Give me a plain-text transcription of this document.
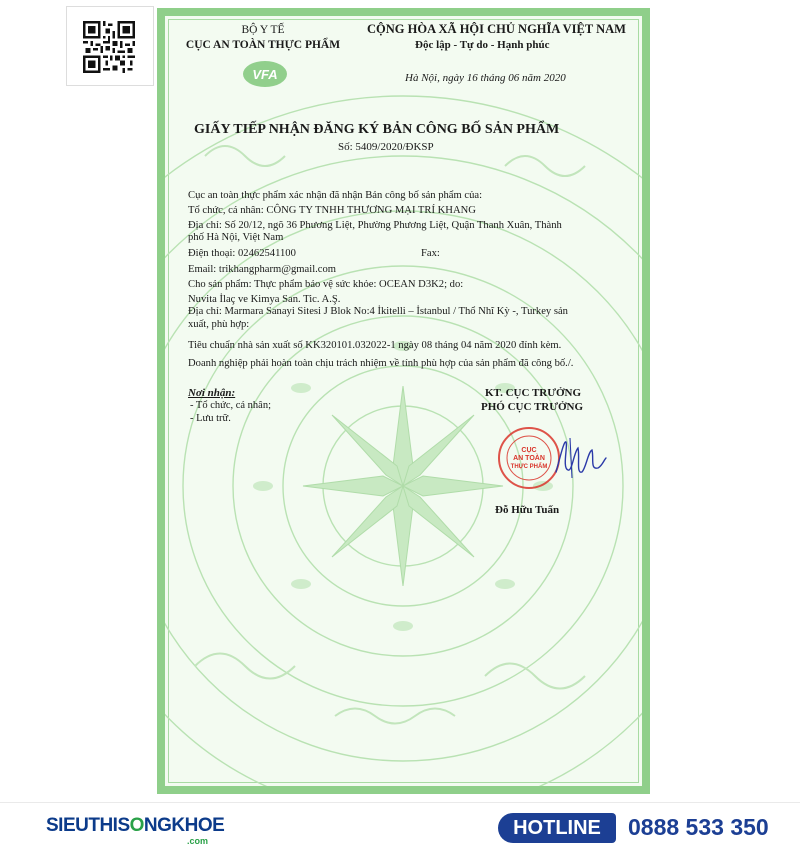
VFA
BỘ Y TẾ
CỤC AN TOÀN THỰC PHẨM
CỘNG HÒA XÃ HỘI CHỦ NGHĨA VIỆT NAM
Độc lập - Tự do - Hạnh phúc
Hà Nội, ngày 16 tháng 06 năm 2020
GIẤY TIẾP NHẬN ĐĂNG KÝ BẢN CÔNG BỐ SẢN PHẨM
Số: 5409/2020/ĐKSP
Cục an toàn thực phẩm xác nhận đã nhận Bản công bố sản phẩm của:
Tổ chức, cá nhân: CÔNG TY TNHH THƯƠNG MẠI TRÍ KHANG
Địa chỉ: Số 20/12, ngõ 36 Phương Liệt, Phường Phương Liệt, Quận Thanh Xuân, Thành
phố Hà Nội, Việt Nam
Điện thoại: 02462541100	Fax:
Email: trikhangpharm@gmail.com
Cho sản phẩm: Thực phẩm bảo vệ sức khỏe: OCEAN D3K2; do:
Nuvita İlaç ve Kimya San. Tic. A.Ş.
Địa chỉ: Marmara Sanayi Sitesi J Blok No:4 İkitelli – İstanbul / Thổ Nhĩ Kỳ -, Turkey sản
xuất, phù hợp:
Tiêu chuẩn nhà sản xuất số KK320101.032022-1 ngày 08 tháng 04 năm 2020 đính kèm.
Doanh nghiệp phải hoàn toàn chịu trách nhiệm về tính phù hợp của sản phẩm đã công bố./.
Nơi nhận:
- Tổ chức, cá nhân;
- Lưu trữ.
KT. CỤC TRƯỞNG
PHÓ CỤC TRƯỞNG
CỤC
AN TOÀN
THỰC PHẨM
Đỗ Hữu Tuấn
SIEUTHISONGKHOE
.com
HOTLINE	0888 533 350
